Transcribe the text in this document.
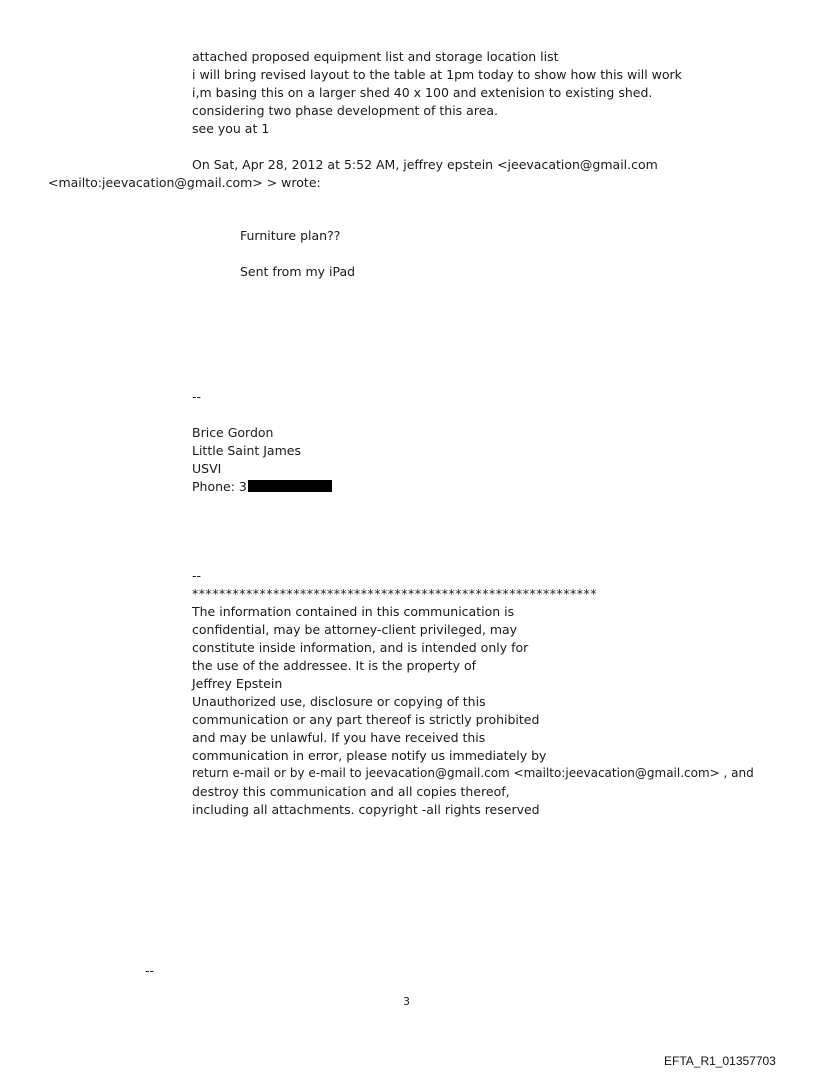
attached proposed equipment list and storage location list
i will bring revised layout to the table at 1pm today to show how this will work
i,m basing this on a larger shed 40 x 100 and extenision to existing shed.
considering two phase development of this area.
see you at 1
On Sat, Apr 28, 2012 at 5:52 AM, jeffrey epstein <jeevacation@gmail.com
<mailto:jeevacation@gmail.com> > wrote:
Furniture plan??
Sent from my iPad
--
Brice Gordon
Little Saint James
USVI
Phone: 3
--
************************************************************
The information contained in this communication is
confidential, may be attorney-client privileged, may
constitute inside information, and is intended only for
the use of the addressee. It is the property of
Jeffrey Epstein
Unauthorized use, disclosure or copying of this
communication or any part thereof is strictly prohibited
and may be unlawful. If you have received this
communication in error, please notify us immediately by
return e-mail or by e-mail to jeevacation@gmail.com <mailto:jeevacation@gmail.com> , and
destroy this communication and all copies thereof,
including all attachments. copyright -all rights reserved
--
3
EFTA_R1_01357703
